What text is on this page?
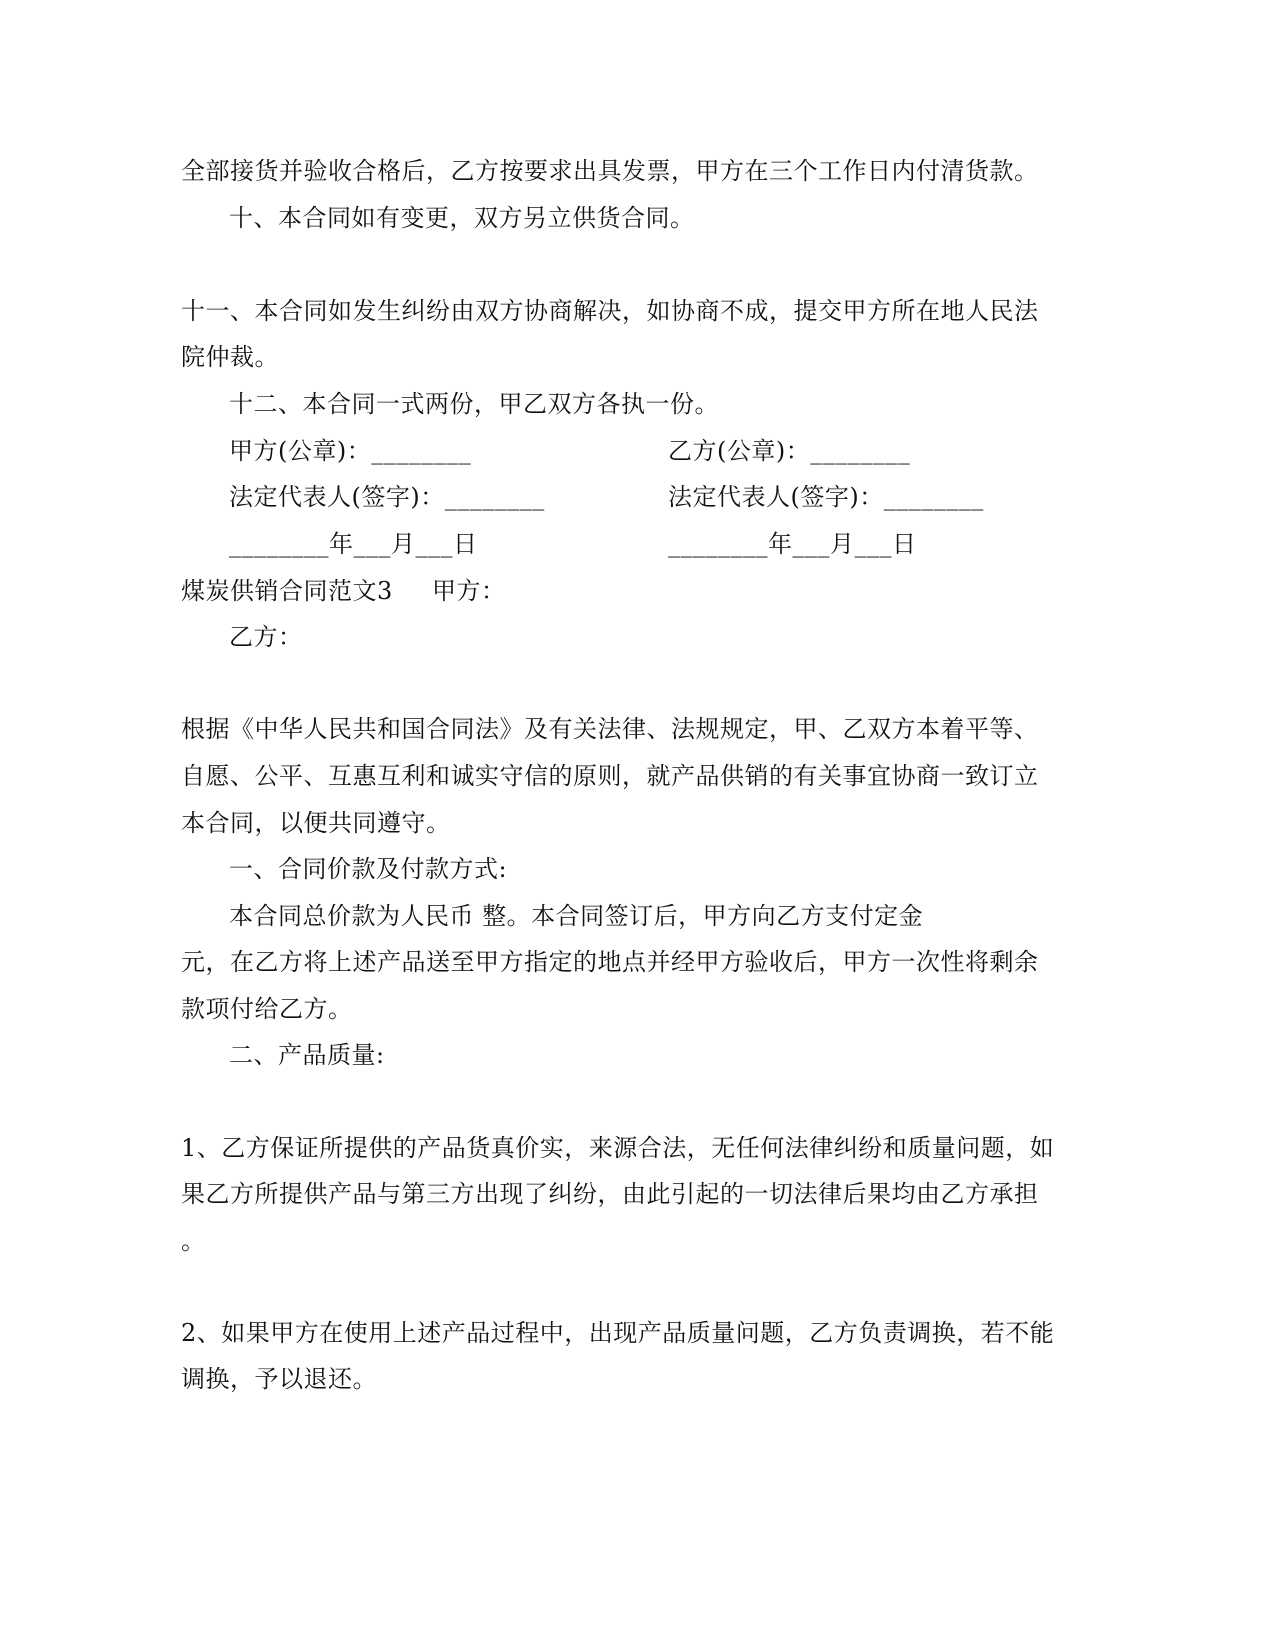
全部接货并验收合格后，乙方按要求出具发票，甲方在三个工作日内付清货款。
十、本合同如有变更，双方另立供货合同。
十一、本合同如发生纠纷由双方协商解决，如协商不成，提交甲方所在地人民法
院仲裁。
十二、本合同一式两份，甲乙双方各执一份。
甲方(公章)：________	乙方(公章)：________
法定代表人(签字)：________	法定代表人(签字)：________
________年___月___日	________年___月___日
煤炭供销合同范文3 甲方：
乙方：
根据《中华人民共和国合同法》及有关法律、法规规定，甲、乙双方本着平等、
自愿、公平、互惠互利和诚实守信的原则，就产品供销的有关事宜协商一致订立
本合同，以便共同遵守。
一、合同价款及付款方式:
本合同总价款为人民币 整。本合同签订后，甲方向乙方支付定金
元，在乙方将上述产品送至甲方指定的地点并经甲方验收后，甲方一次性将剩余
款项付给乙方。
二、产品质量:
1、乙方保证所提供的产品货真价实，来源合法，无任何法律纠纷和质量问题，如
果乙方所提供产品与第三方出现了纠纷，由此引起的一切法律后果均由乙方承担
。
2、如果甲方在使用上述产品过程中，出现产品质量问题，乙方负责调换，若不能
调换，予以退还。
